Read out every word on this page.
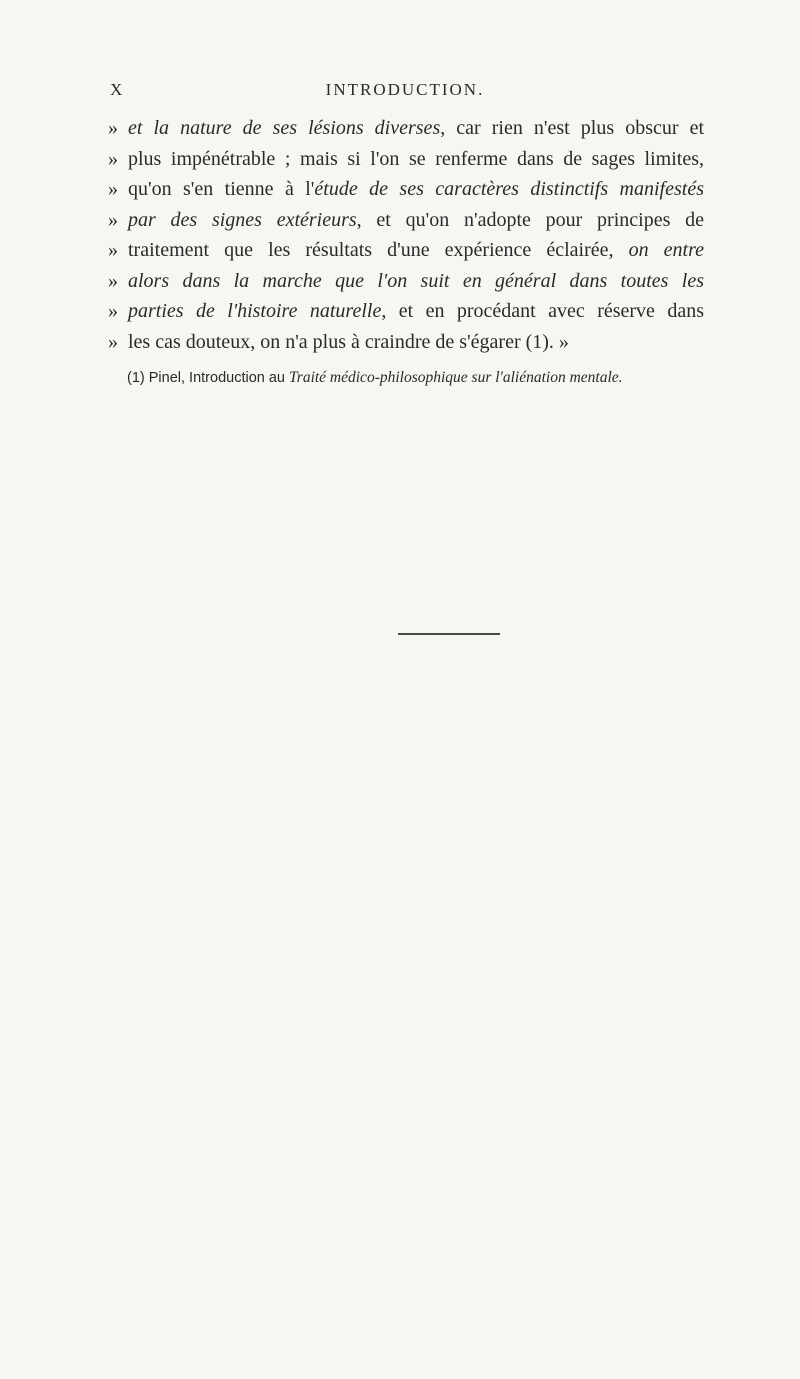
X	INTRODUCTION.
»et la nature de ses lésions diverses, car rien n'est plus obscur et
»plus impénétrable ; mais si l'on se renferme dans de sages limites,
»qu'on s'en tienne à l'étude de ses caractères distinctifs manifestés
»par des signes extérieurs, et qu'on n'adopte pour principes de
»traitement que les résultats d'une expérience éclairée, on entre
»alors dans la marche que l'on suit en général dans toutes les
»parties de l'histoire naturelle, et en procédant avec réserve dans
»les cas douteux, on n'a plus à craindre de s'égarer (1). »
(1) Pinel, Introduction au Traité médico-philosophique sur l'aliénation mentale.
